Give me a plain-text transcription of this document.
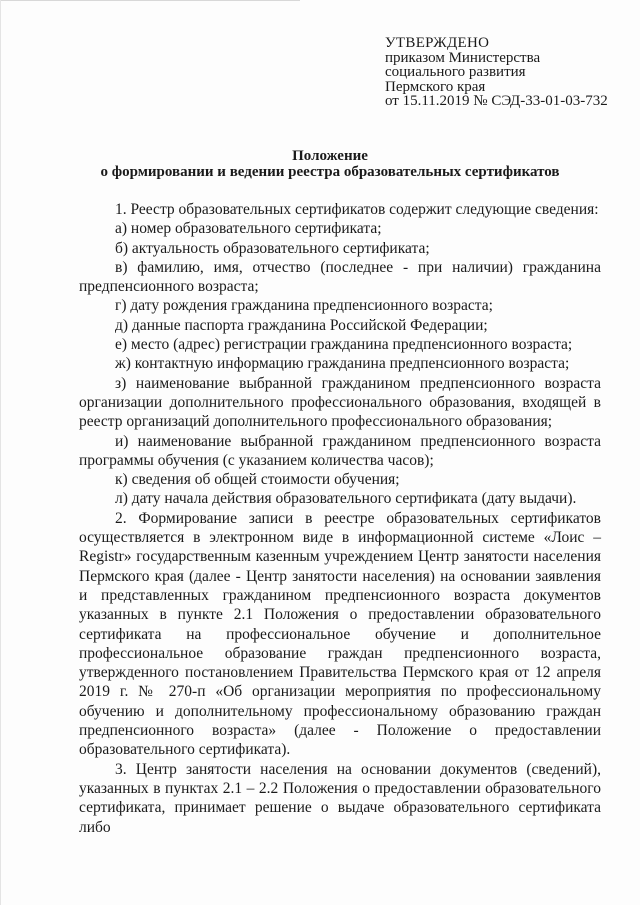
УТВЕРЖДЕНО
приказом Министерства
социального развития
Пермского края
от 15.11.2019 № СЭД-33-01-03-732
Положение
о формировании и ведении реестра образовательных сертификатов

1. Реестр образовательных сертификатов содержит следующие сведения:

а) номер образовательного сертификата;

б) актуальность образовательного сертификата;

в) фамилию, имя, отчество (последнее - при наличии) гражданина предпенсионного возраста;

г) дату рождения гражданина предпенсионного возраста;

д) данные паспорта гражданина Российской Федерации;

е) место (адрес) регистрации гражданина предпенсионного возраста;

ж) контактную информацию гражданина предпенсионного возраста;

з) наименование выбранной гражданином предпенсионного возраста организации дополнительного профессионального образования, входящей в реестр организаций дополнительного профессионального образования;

и) наименование выбранной гражданином предпенсионного возраста программы обучения (с указанием количества часов);

к) сведения об общей стоимости обучения;

л) дату начала действия образовательного сертификата (дату выдачи).

2. Формирование записи в реестре образовательных сертификатов осуществляется в электронном виде в информационной системе «Лоис – Registr» государственным казенным учреждением Центр занятости населения Пермского края (далее - Центр занятости населения) на основании заявления и представленных гражданином предпенсионного возраста документов указанных в пункте 2.1 Положения о предоставлении образовательного сертификата на профессиональное обучение и дополнительное профессиональное образование граждан предпенсионного возраста, утвержденного постановлением Правительства Пермского края от 12 апреля 2019 г. № 270-п «Об организации мероприятия по профессиональному обучению и дополнительному профессиональному образованию граждан предпенсионного возраста» (далее - Положение о предоставлении образовательного сертификата).

3. Центр занятости населения на основании документов (сведений), указанных в пунктах 2.1 – 2.2 Положения о предоставлении образовательного сертификата, принимает решение о выдаче образовательного сертификата либо
